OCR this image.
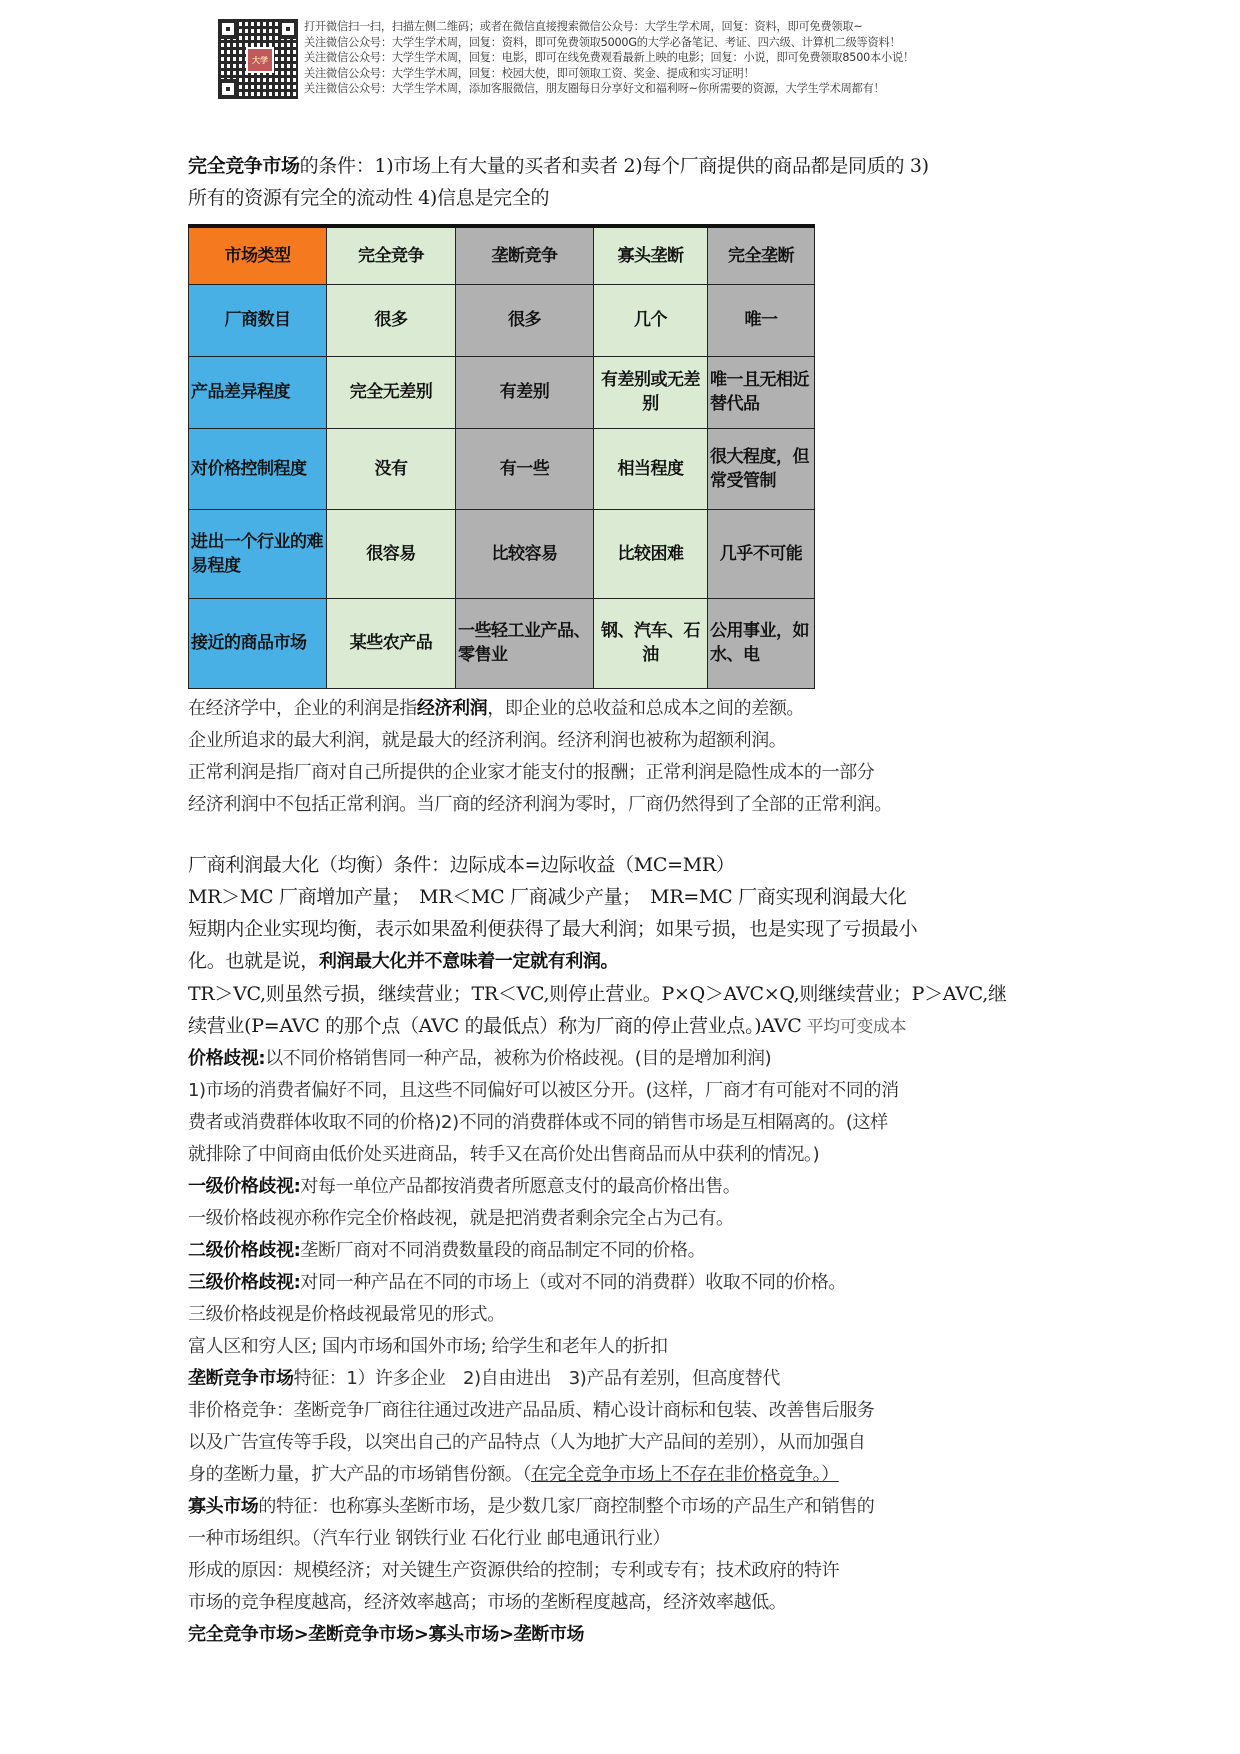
大学
打开微信扫一扫，扫描左侧二维码；或者在微信直接搜索微信公众号：大学生学术周，回复：资料，即可免费领取~
关注微信公众号：大学生学术周，回复：资料，即可免费领取5000G的大学必备笔记、考证、四六级、计算机二级等资料！
关注微信公众号：大学生学术周，回复：电影，即可在线免费观看最新上映的电影；回复：小说，即可免费领取8500本小说！
关注微信公众号：大学生学术周，回复：校园大使，即可领取工资、奖金、提成和实习证明！
关注微信公众号：大学生学术周，添加客服微信，朋友圈每日分享好文和福利呀~你所需要的资源，大学生学术周都有！
完全竞争市场的条件：1)市场上有大量的买者和卖者 2)每个厂商提供的商品都是同质的 3)
所有的资源有完全的流动性 4)信息是完全的
市场类型	完全竞争	垄断竞争	寡头垄断	完全垄断
厂商数目	很多	很多	几个	唯一
产品差异程度	完全无差别	有差别	有差别或无差别	唯一且无相近替代品
对价格控制程度	没有	有一些	相当程度	很大程度，但常受管制
进出一个行业的难易程度	很容易	比较容易	比较困难	几乎不可能
接近的商品市场	某些农产品	一些轻工业产品、零售业	钢、汽车、石油	公用事业，如水、电
在经济学中，企业的利润是指经济利润，即企业的总收益和总成本之间的差额。
企业所追求的最大利润，就是最大的经济利润。经济利润也被称为超额利润。
正常利润是指厂商对自己所提供的企业家才能支付的报酬；正常利润是隐性成本的一部分
经济利润中不包括正常利润。当厂商的经济利润为零时，厂商仍然得到了全部的正常利润。
厂商利润最大化（均衡）条件：边际成本=边际收益（MC=MR）
MR＞MC 厂商增加产量；　MR＜MC 厂商减少产量；　MR=MC 厂商实现利润最大化
短期内企业实现均衡，表示如果盈利便获得了最大利润；如果亏损，也是实现了亏损最小
化。也就是说，利润最大化并不意味着一定就有利润。
TR＞VC,则虽然亏损，继续营业；TR＜VC,则停止营业。P×Q＞AVC×Q,则继续营业；P＞AVC,继
续营业(P=AVC 的那个点（AVC 的最低点）称为厂商的停止营业点。)AVC 平均可变成本
价格歧视:以不同价格销售同一种产品，被称为价格歧视。(目的是增加利润)
1)市场的消费者偏好不同，且这些不同偏好可以被区分开。(这样，厂商才有可能对不同的消
费者或消费群体收取不同的价格)2)不同的消费群体或不同的销售市场是互相隔离的。(这样
就排除了中间商由低价处买进商品，转手又在高价处出售商品而从中获利的情况。)
一级价格歧视:对每一单位产品都按消费者所愿意支付的最高价格出售。
一级价格歧视亦称作完全价格歧视，就是把消费者剩余完全占为己有。
二级价格歧视:垄断厂商对不同消费数量段的商品制定不同的价格。
三级价格歧视:对同一种产品在不同的市场上（或对不同的消费群）收取不同的价格。
三级价格歧视是价格歧视最常见的形式。
富人区和穷人区; 国内市场和国外市场; 给学生和老年人的折扣
垄断竞争市场特征：1）许多企业　2)自由进出　3)产品有差别，但高度替代
非价格竞争：垄断竞争厂商往往通过改进产品品质、精心设计商标和包装、改善售后服务
以及广告宣传等手段，以突出自己的产品特点（人为地扩大产品间的差别），从而加强自
身的垄断力量，扩大产品的市场销售份额。（在完全竞争市场上不存在非价格竞争。）
寡头市场的特征：也称寡头垄断市场，是少数几家厂商控制整个市场的产品生产和销售的
一种市场组织。（汽车行业 钢铁行业 石化行业 邮电通讯行业）
形成的原因：规模经济；对关键生产资源供给的控制；专利或专有；技术政府的特许
市场的竞争程度越高，经济效率越高；市场的垄断程度越高，经济效率越低。
完全竞争市场>垄断竞争市场>寡头市场>垄断市场
